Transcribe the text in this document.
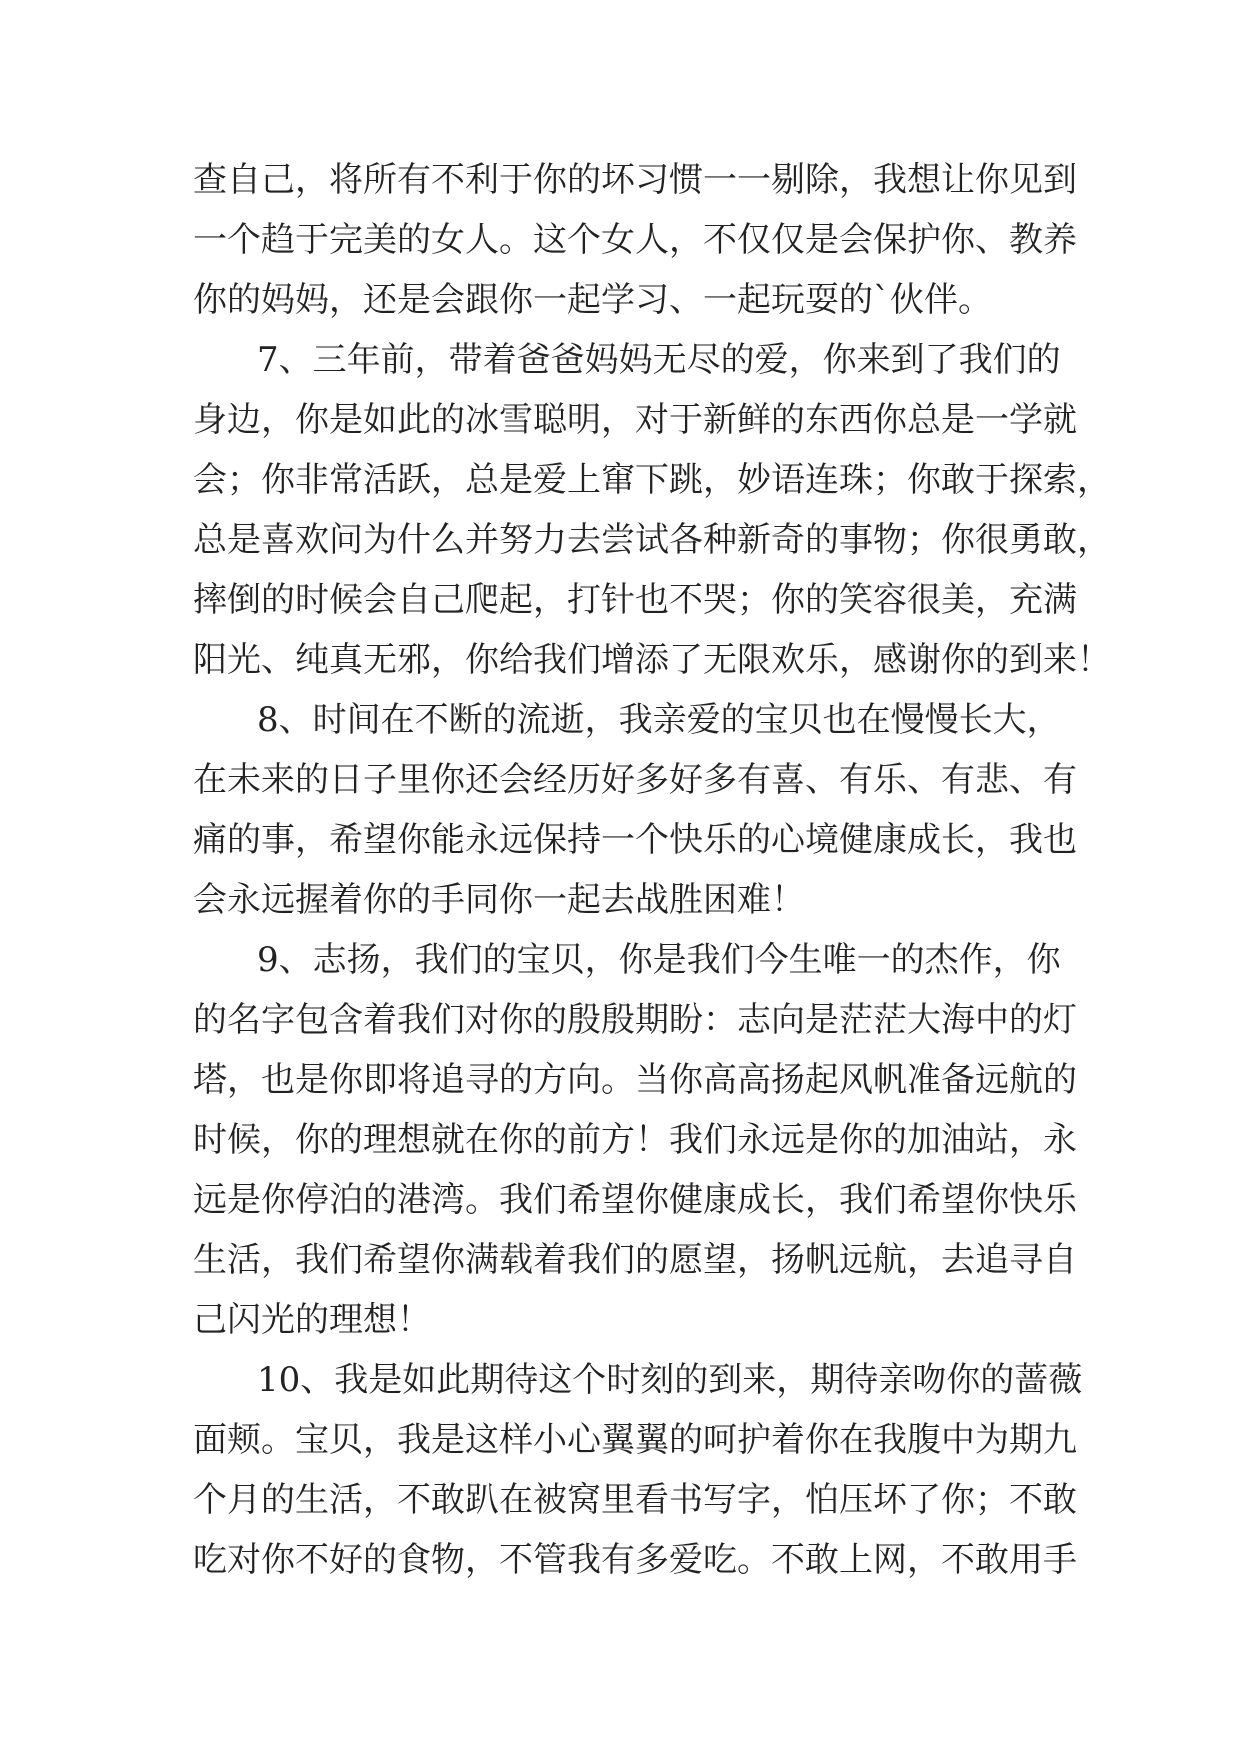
查自己，将所有不利于你的坏习惯一一剔除，我想让你见到
一个趋于完美的女人。这个女人，不仅仅是会保护你、教养
你的妈妈，还是会跟你一起学习、一起玩耍的`伙伴。
7、三年前，带着爸爸妈妈无尽的爱，你来到了我们的
身边，你是如此的冰雪聪明，对于新鲜的东西你总是一学就
会；你非常活跃，总是爱上窜下跳，妙语连珠；你敢于探索，
总是喜欢问为什么并努力去尝试各种新奇的事物；你很勇敢，
摔倒的时候会自己爬起，打针也不哭；你的笑容很美，充满
阳光、纯真无邪，你给我们增添了无限欢乐，感谢你的到来！
8、时间在不断的流逝，我亲爱的宝贝也在慢慢长大，
在未来的日子里你还会经历好多好多有喜、有乐、有悲、有
痛的事，希望你能永远保持一个快乐的心境健康成长，我也
会永远握着你的手同你一起去战胜困难！
9、志扬，我们的宝贝，你是我们今生唯一的杰作，你
的名字包含着我们对你的殷殷期盼：志向是茫茫大海中的灯
塔，也是你即将追寻的方向。当你高高扬起风帆准备远航的
时候，你的理想就在你的前方！我们永远是你的加油站，永
远是你停泊的港湾。我们希望你健康成长，我们希望你快乐
生活，我们希望你满载着我们的愿望，扬帆远航，去追寻自
己闪光的理想！
10、我是如此期待这个时刻的到来，期待亲吻你的蔷薇
面颊。宝贝，我是这样小心翼翼的呵护着你在我腹中为期九
个月的生活，不敢趴在被窝里看书写字，怕压坏了你；不敢
吃对你不好的食物，不管我有多爱吃。不敢上网，不敢用手
